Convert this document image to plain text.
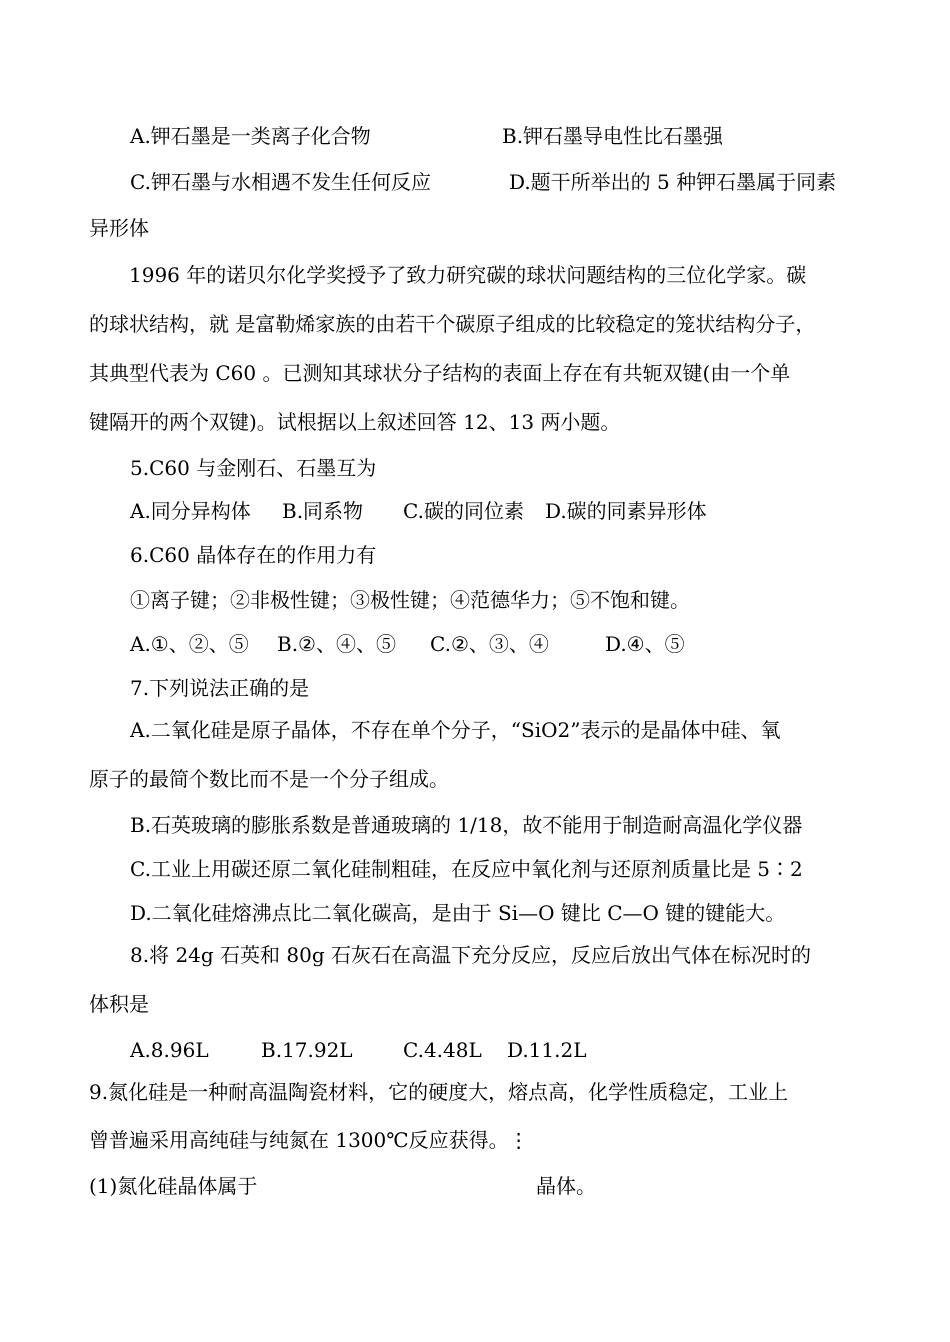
A.钾石墨是一类离子化合物	B.钾石墨导电性比石墨强
C.钾石墨与水相遇不发生任何反应	D.题干所举出的 5 种钾石墨属于同素
异形体
1996 年的诺贝尔化学奖授予了致力研究碳的球状问题结构的三位化学家。碳
的球状结构，就 是富勒烯家族的由若干个碳原子组成的比较稳定的笼状结构分子，
其典型代表为 C60 。已测知其球状分子结构的表面上存在有共轭双键(由一个单
键隔开的两个双键)。试根据以上叙述回答 12、13 两小题。
5.C60 与金刚石、石墨互为
A.同分异构体 B.同系物 C.碳的同位素 D.碳的同素异形体
6.C60 晶体存在的作用力有
①离子键；②非极性键；③极性键；④范德华力；⑤不饱和键。
A.①、②、⑤ B.②、④、⑤ C.②、③、④	D.④、⑤
7.下列说法正确的是
A.二氧化硅是原子晶体，不存在单个分子，“SiO2”表示的是晶体中硅、氧
原子的最简个数比而不是一个分子组成。
B.石英玻璃的膨胀系数是普通玻璃的 1/18，故不能用于制造耐高温化学仪器
C.工业上用碳还原二氧化硅制粗硅，在反应中氧化剂与还原剂质量比是 5∶2
D.二氧化硅熔沸点比二氧化碳高，是由于 Si—O 键比 C—O 键的键能大。
8.将 24g 石英和 80g 石灰石在高温下充分反应，反应后放出气体在标况时的
体积是
A.8.96L	B.17.92L	C.4.48L D.11.2L
9.氮化硅是一种耐高温陶瓷材料，它的硬度大，熔点高，化学性质稳定，工业上
曾普遍采用高纯硅与纯氮在 1300℃反应获得。⋮
(1)氮化硅晶体属于	晶体。
